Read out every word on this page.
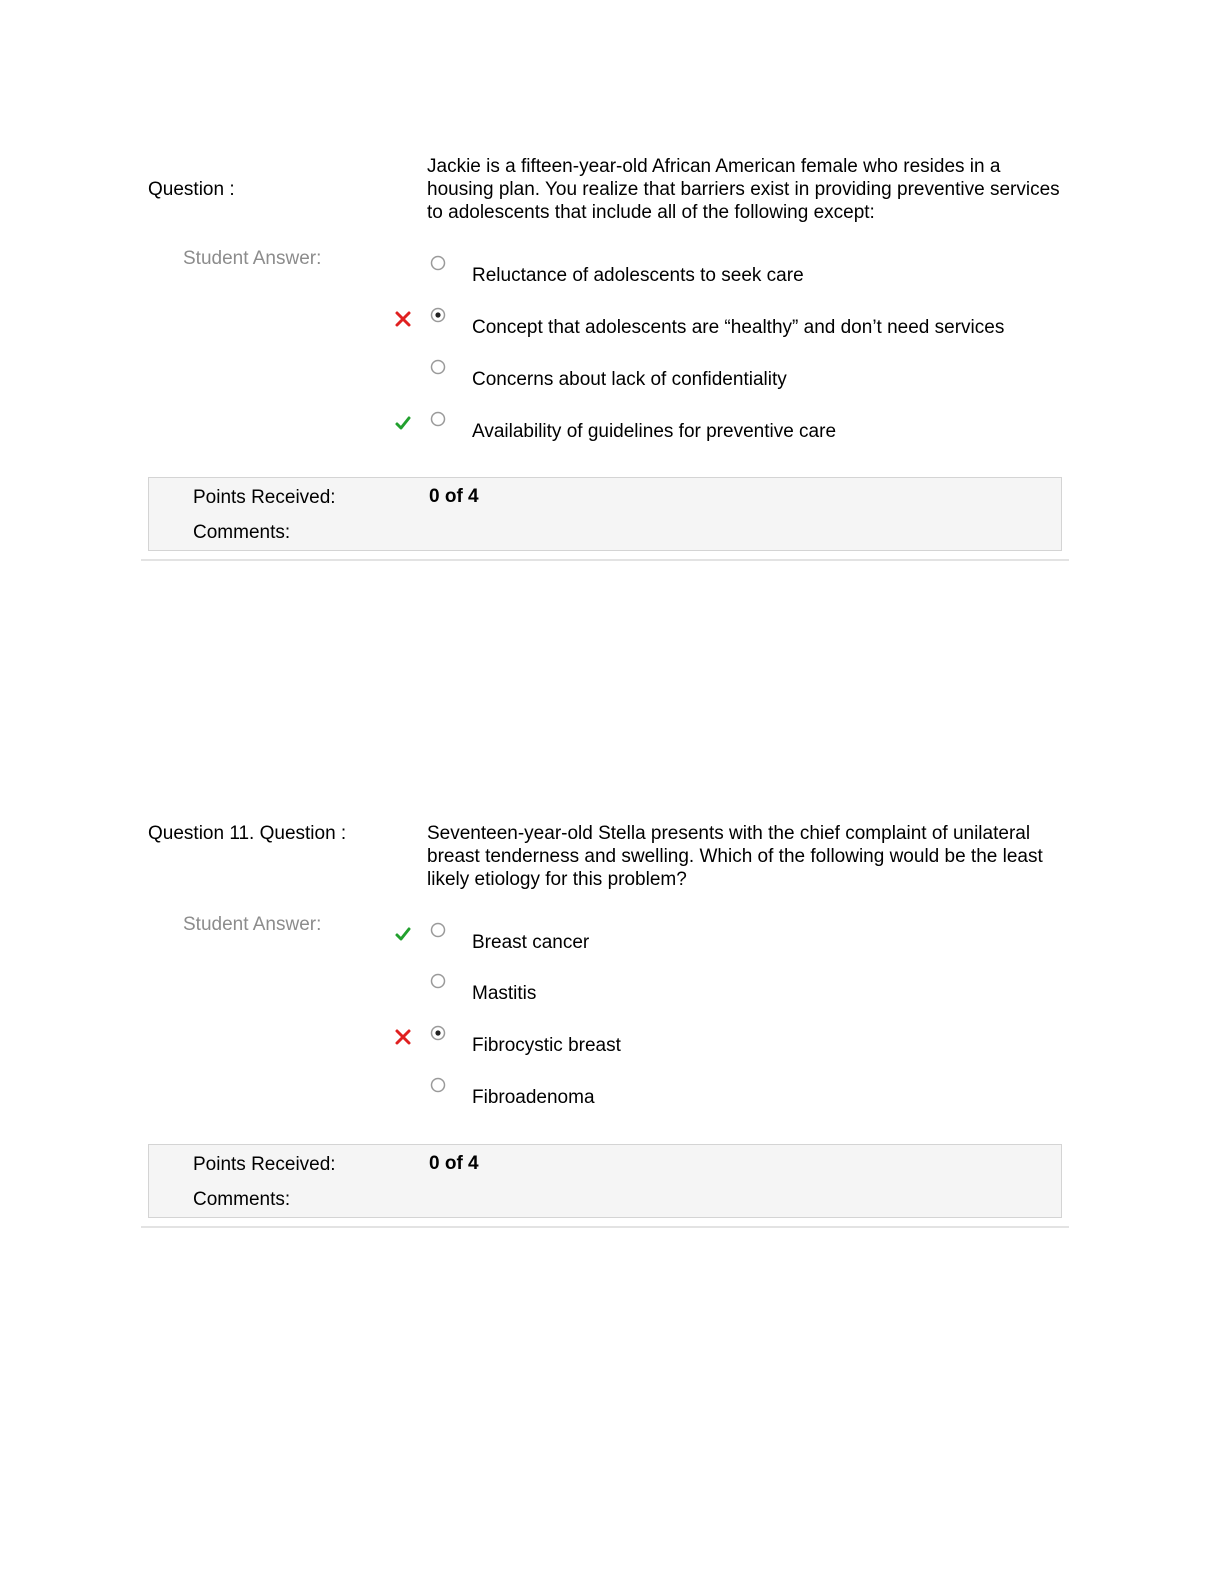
Question :
Jackie is a fifteen-year-old African American female who resides in a housing plan. You realize that barriers exist in providing preventive services to adolescents that include all of the following except:
Student Answer:
Reluctance of adolescents to seek care
Concept that adolescents are “healthy” and don’t need services
Concerns about lack of confidentiality
Availability of guidelines for preventive care
Points Received:	0 of 4
Comments:
Question 11. Question :	Seventeen-year-old Stella presents with the chief complaint of unilateral breast tenderness and swelling. Which of the following would be the least likely etiology for this problem?
Student Answer:
Breast cancer
Mastitis
Fibrocystic breast
Fibroadenoma
Points Received:	0 of 4
Comments:
